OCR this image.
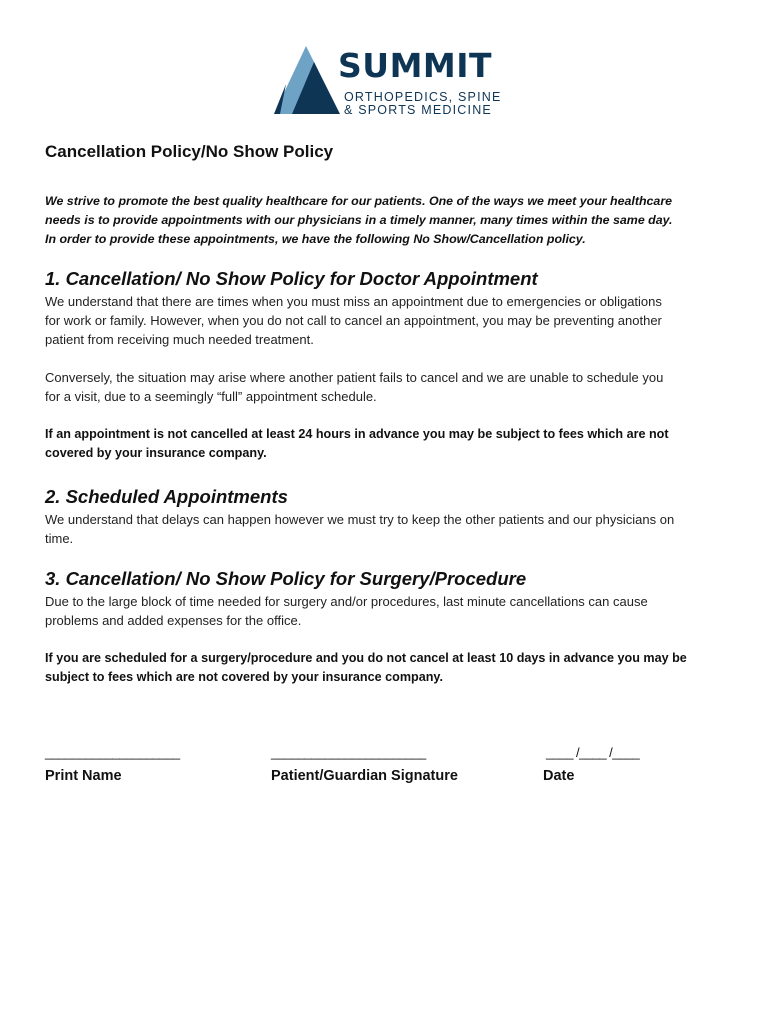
SUMMIT
ORTHOPEDICS, SPINE
& SPORTS MEDICINE
Cancellation Policy/No Show Policy
We strive to promote the best quality healthcare for our patients. One of the ways we meet your healthcare
needs is to provide appointments with our physicians in a timely manner, many times within the same day.
In order to provide these appointments, we have the following No Show/Cancellation policy.
1. Cancellation/ No Show Policy for Doctor Appointment
We understand that there are times when you must miss an appointment due to emergencies or obligations
for work or family. However, when you do not call to cancel an appointment, you may be preventing another
patient from receiving much needed treatment.
Conversely, the situation may arise where another patient fails to cancel and we are unable to schedule you
for a visit, due to a seemingly “full” appointment schedule.
If an appointment is not cancelled at least 24 hours in advance you may be subject to fees which are not
covered by your insurance company.
2. Scheduled Appointments
We understand that delays can happen however we must try to keep the other patients and our physicians on
time.
3. Cancellation/ No Show Policy for Surgery/Procedure
Due to the large block of time needed for surgery and/or procedures, last minute cancellations can cause
problems and added expenses for the office.
If you are scheduled for a surgery/procedure and you do not cancel at least 10 days in advance you may be
subject to fees which are not covered by your insurance company.
____________________
Print Name
_______________________
Patient/Guardian Signature
____ /____ /____
Date
